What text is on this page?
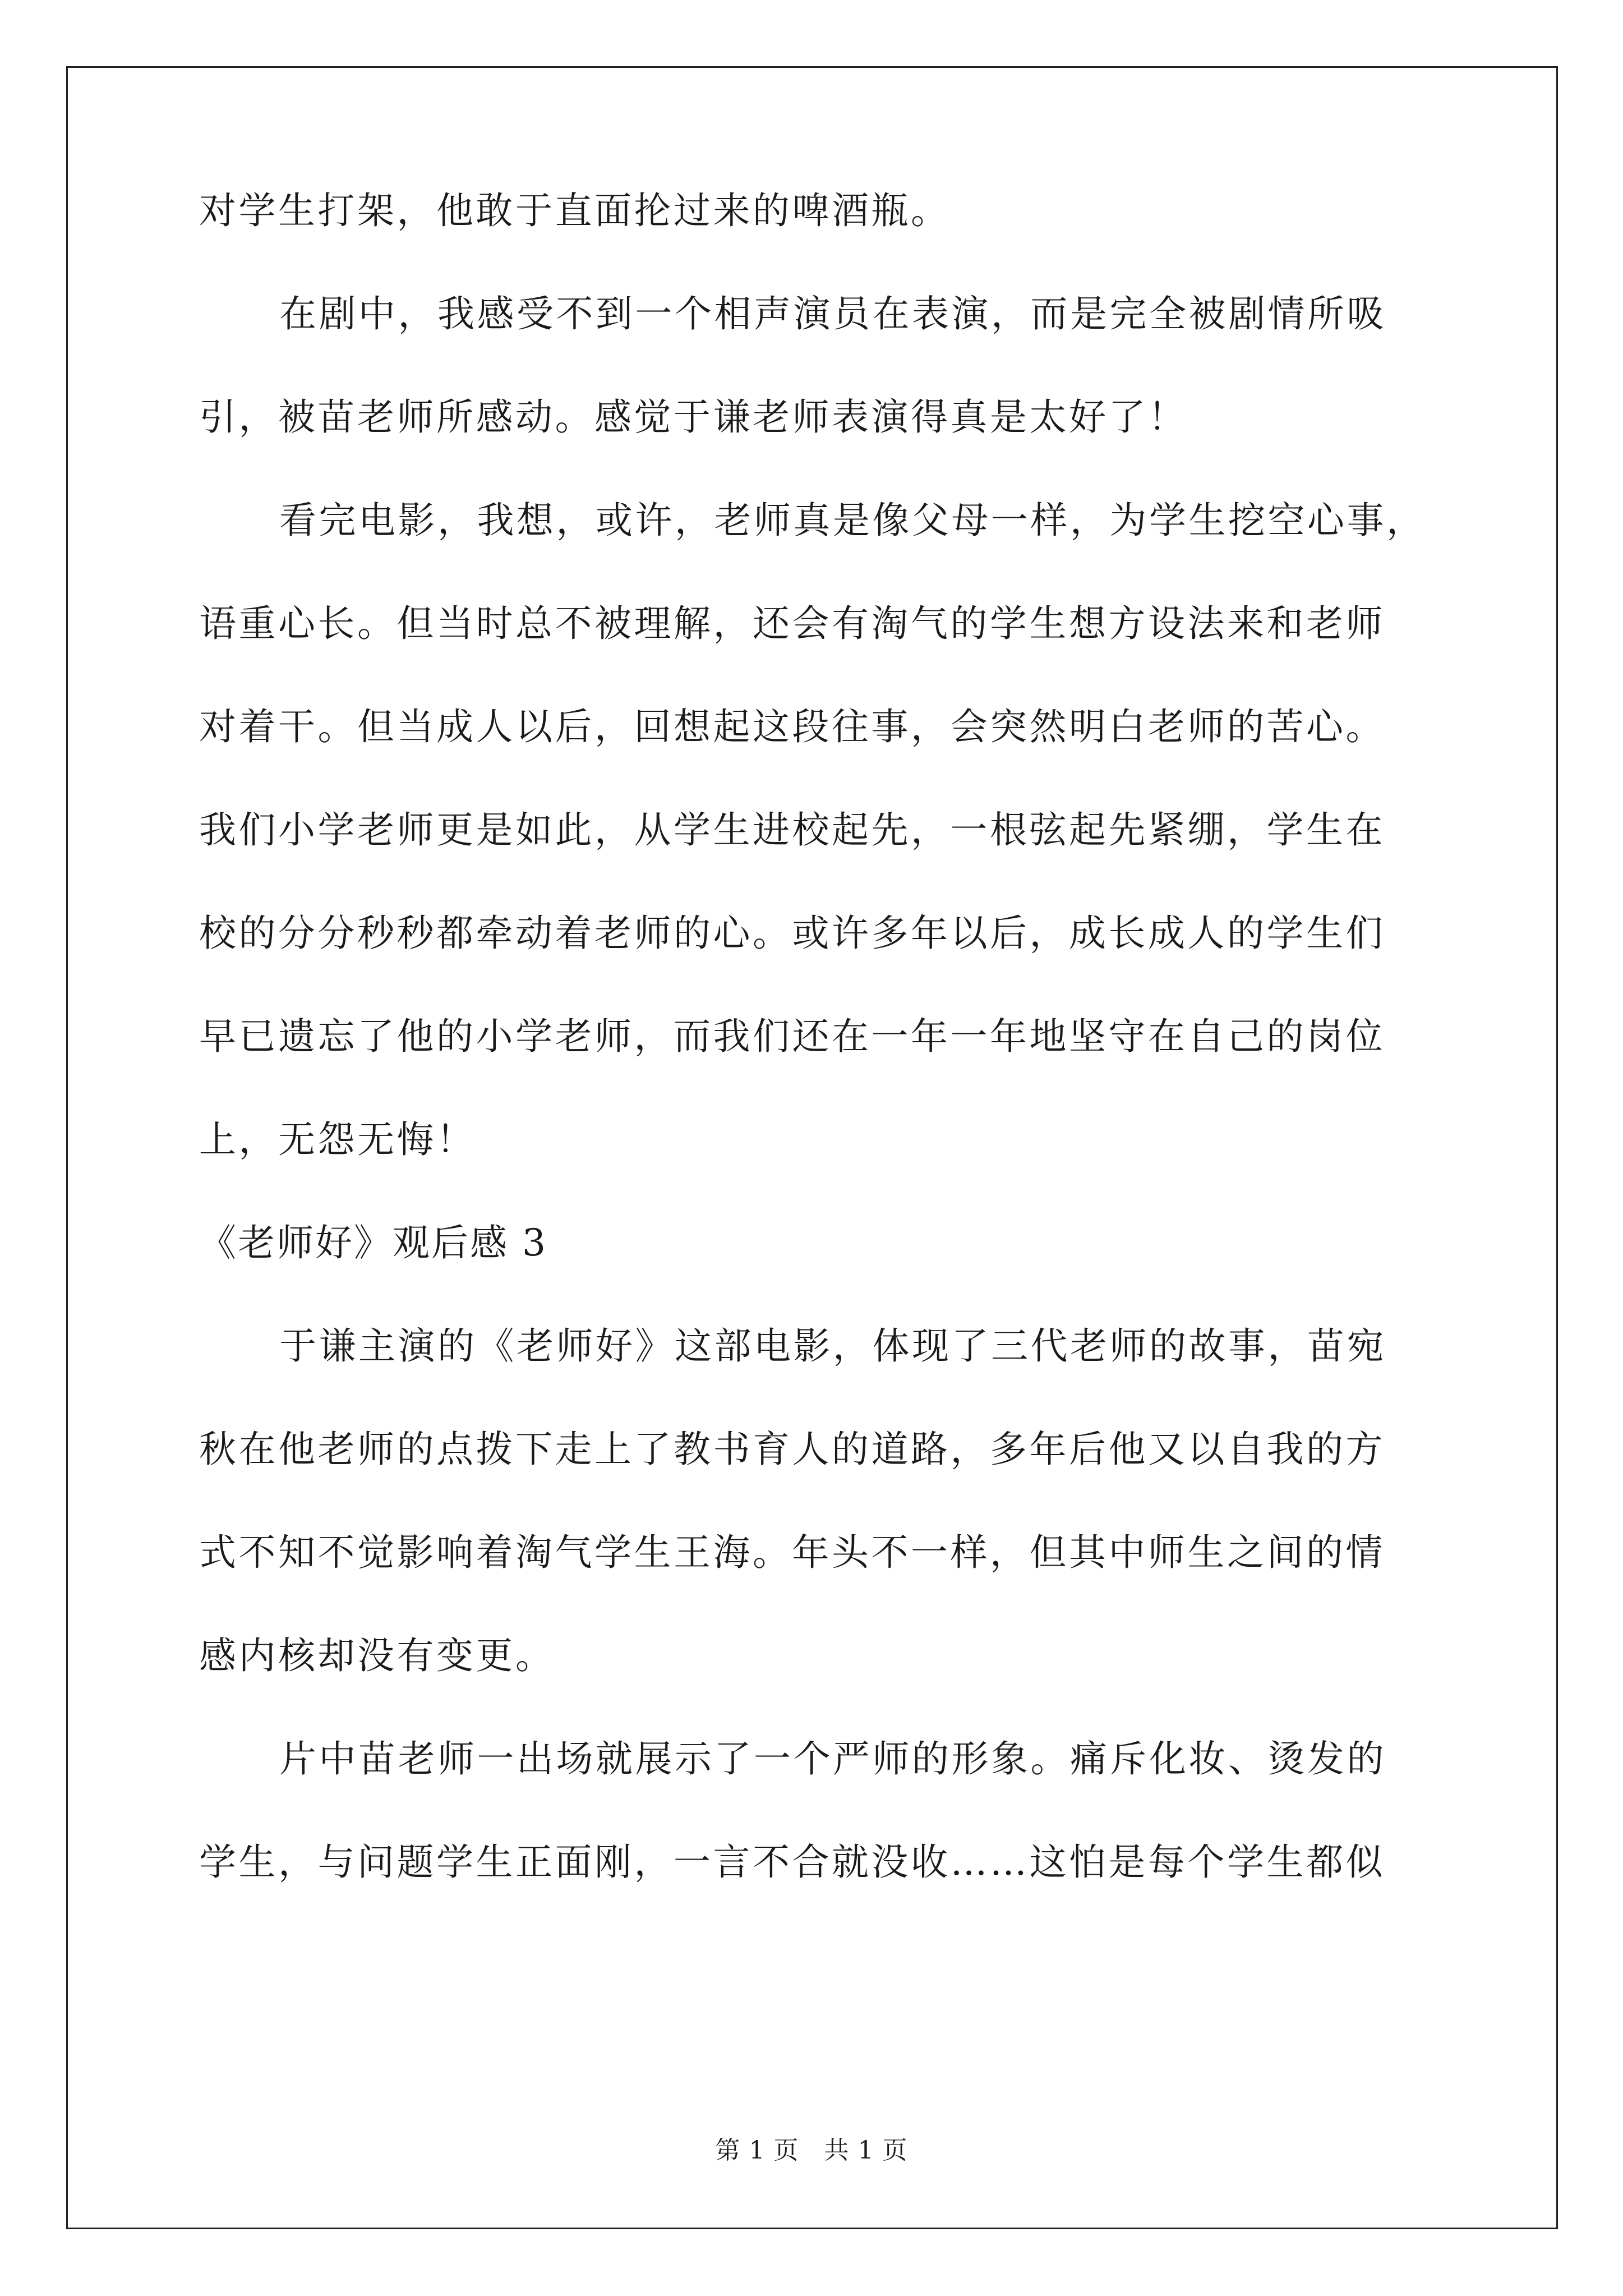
对学生打架，他敢于直面抡过来的啤酒瓶。

在剧中，我感受不到一个相声演员在表演，而是完全被剧情所吸

引，被苗老师所感动。感觉于谦老师表演得真是太好了！

看完电影，我想，或许，老师真是像父母一样，为学生挖空心事，

语重心长。但当时总不被理解，还会有淘气的学生想方设法来和老师

对着干。但当成人以后，回想起这段往事，会突然明白老师的苦心。

我们小学老师更是如此，从学生进校起先，一根弦起先紧绷，学生在

校的分分秒秒都牵动着老师的心。或许多年以后，成长成人的学生们

早已遗忘了他的小学老师，而我们还在一年一年地坚守在自己的岗位

上，无怨无悔！

《老师好》观后感 3

于谦主演的《老师好》这部电影，体现了三代老师的故事，苗宛

秋在他老师的点拨下走上了教书育人的道路，多年后他又以自我的方

式不知不觉影响着淘气学生王海。年头不一样，但其中师生之间的情

感内核却没有变更。

片中苗老师一出场就展示了一个严师的形象。痛斥化妆、烫发的

学生，与问题学生正面刚，一言不合就没收……这怕是每个学生都似

第 1 页　共 1 页
